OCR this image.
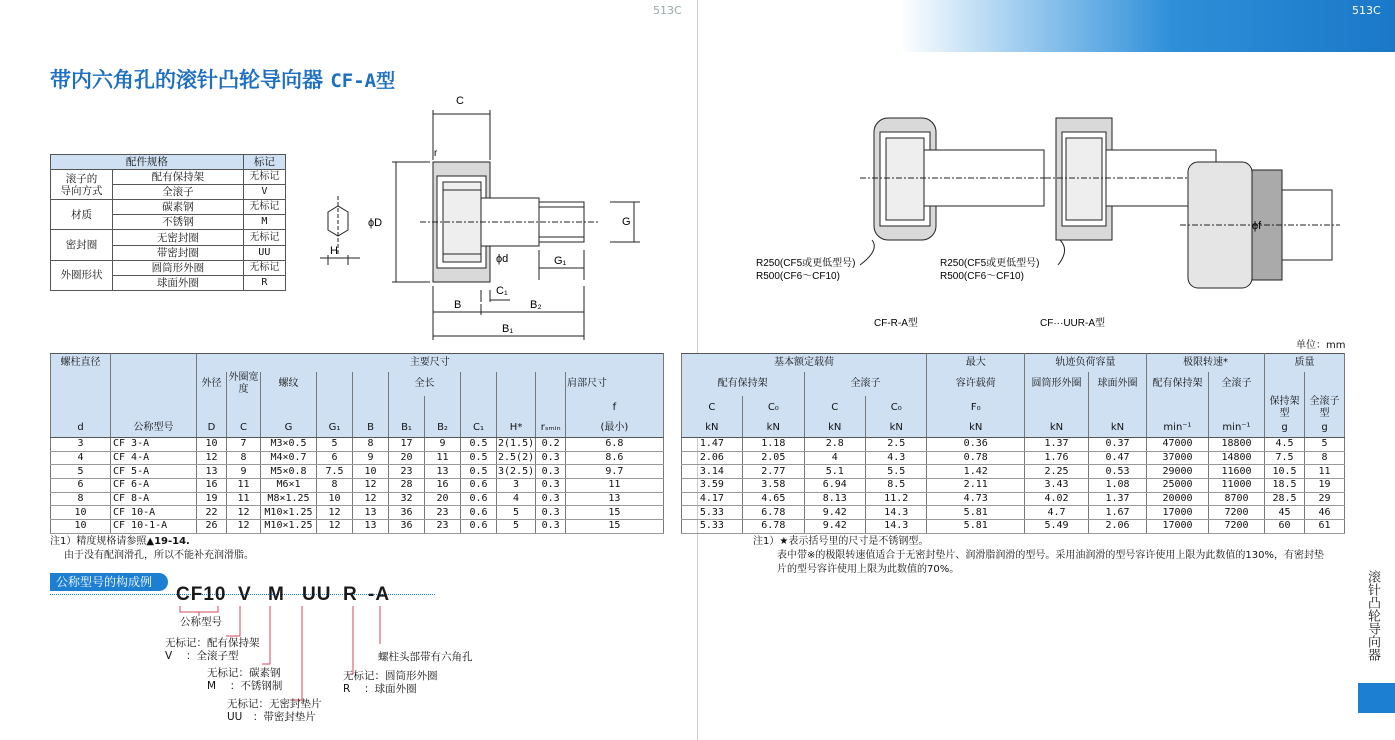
513C	513C
带内六角孔的滚针凸轮导向器 CF-A型
配件规格		标记
滚子的
导向方式	配有保持架	无标记
	全滚子	V
材质	碳素钢	无标记
	不锈钢	M
密封圈	无密封圈	无标记
	带密封圈	UU
外圈形状	圆筒形外圈	无标记
	球面外圈	R
C
r
ϕD
ϕd
G
G₁
H
C₁
B	B₂
B₁
ϕf
R250(CF5或更低型号)
R500(CF6～CF10)
R250(CF5或更低型号)
R500(CF6～CF10)
CF-R-A型	CF···UUR-A型
单位：mm
螺柱直径		主要尺寸												基本额定载荷				最大	轨迹负荷容量		极限转速*		质量	
		外径	外圈宽度	螺纹			全长					肩部尺寸		配有保持架		全滚子		容许载荷	圆筒形外圈	球面外圈	配有保持架	全滚子		
												f		C	C₀	C	C₀	F₀					保持架型	全滚子型
d	公称型号	D	C	G	G₁	B	B₁	B₂	C₁	H*	rₛₘᵢₙ	(最小)		kN	kN	kN	kN	kN	kN	kN	min⁻¹	min⁻¹	g	g
3	CF 3-A	10	7	M3×0.5	5	8	17	9	0.5	2(1.5)	0.2	6.8		1.47	1.18	2.8	2.5	0.36	1.37	0.37	47000	18800	4.5	5
4	CF 4-A	12	8	M4×0.7	6	9	20	11	0.5	2.5(2)	0.3	8.6		2.06	2.05	4	4.3	0.78	1.76	0.47	37000	14800	7.5	8
5	CF 5-A	13	9	M5×0.8	7.5	10	23	13	0.5	3(2.5)	0.3	9.7		3.14	2.77	5.1	5.5	1.42	2.25	0.53	29000	11600	10.5	11
6	CF 6-A	16	11	M6×1	8	12	28	16	0.6	3	0.3	11		3.59	3.58	6.94	8.5	2.11	3.43	1.08	25000	11000	18.5	19
8	CF 8-A	19	11	M8×1.25	10	12	32	20	0.6	4	0.3	13		4.17	4.65	8.13	11.2	4.73	4.02	1.37	20000	8700	28.5	29
10	CF 10-A	22	12	M10×1.25	12	13	36	23	0.6	5	0.3	15		5.33	6.78	9.42	14.3	5.81	4.7	1.67	17000	7200	45	46
10	CF 10-1-A	26	12	M10×1.25	12	13	36	23	0.6	5	0.3	15		5.33	6.78	9.42	14.3	5.81	5.49	2.06	17000	7200	60	61
注1）精度规格请参照▲19-14.
由于没有配润滑孔，所以不能补充润滑脂。
注1）★表示括号里的尺寸是不锈钢型。
表中带※的极限转速值适合于无密封垫片、润滑脂润滑的型号。采用油润滑的型号容许使用上限为此数值的130%，有密封垫
片的型号容许使用上限为此数值的70%。
公称型号的构成例
CF10 V M UU R -A
公称型号
无标记：配有保持架
V　 ：全滚子型
无标记：碳素钢
M　 ：不锈钢制
无标记：无密封垫片
UU　：带密封垫片
无标记：圆筒形外圈
R　 ：球面外圈
螺柱头部带有六角孔	滚针凸轮导向器
